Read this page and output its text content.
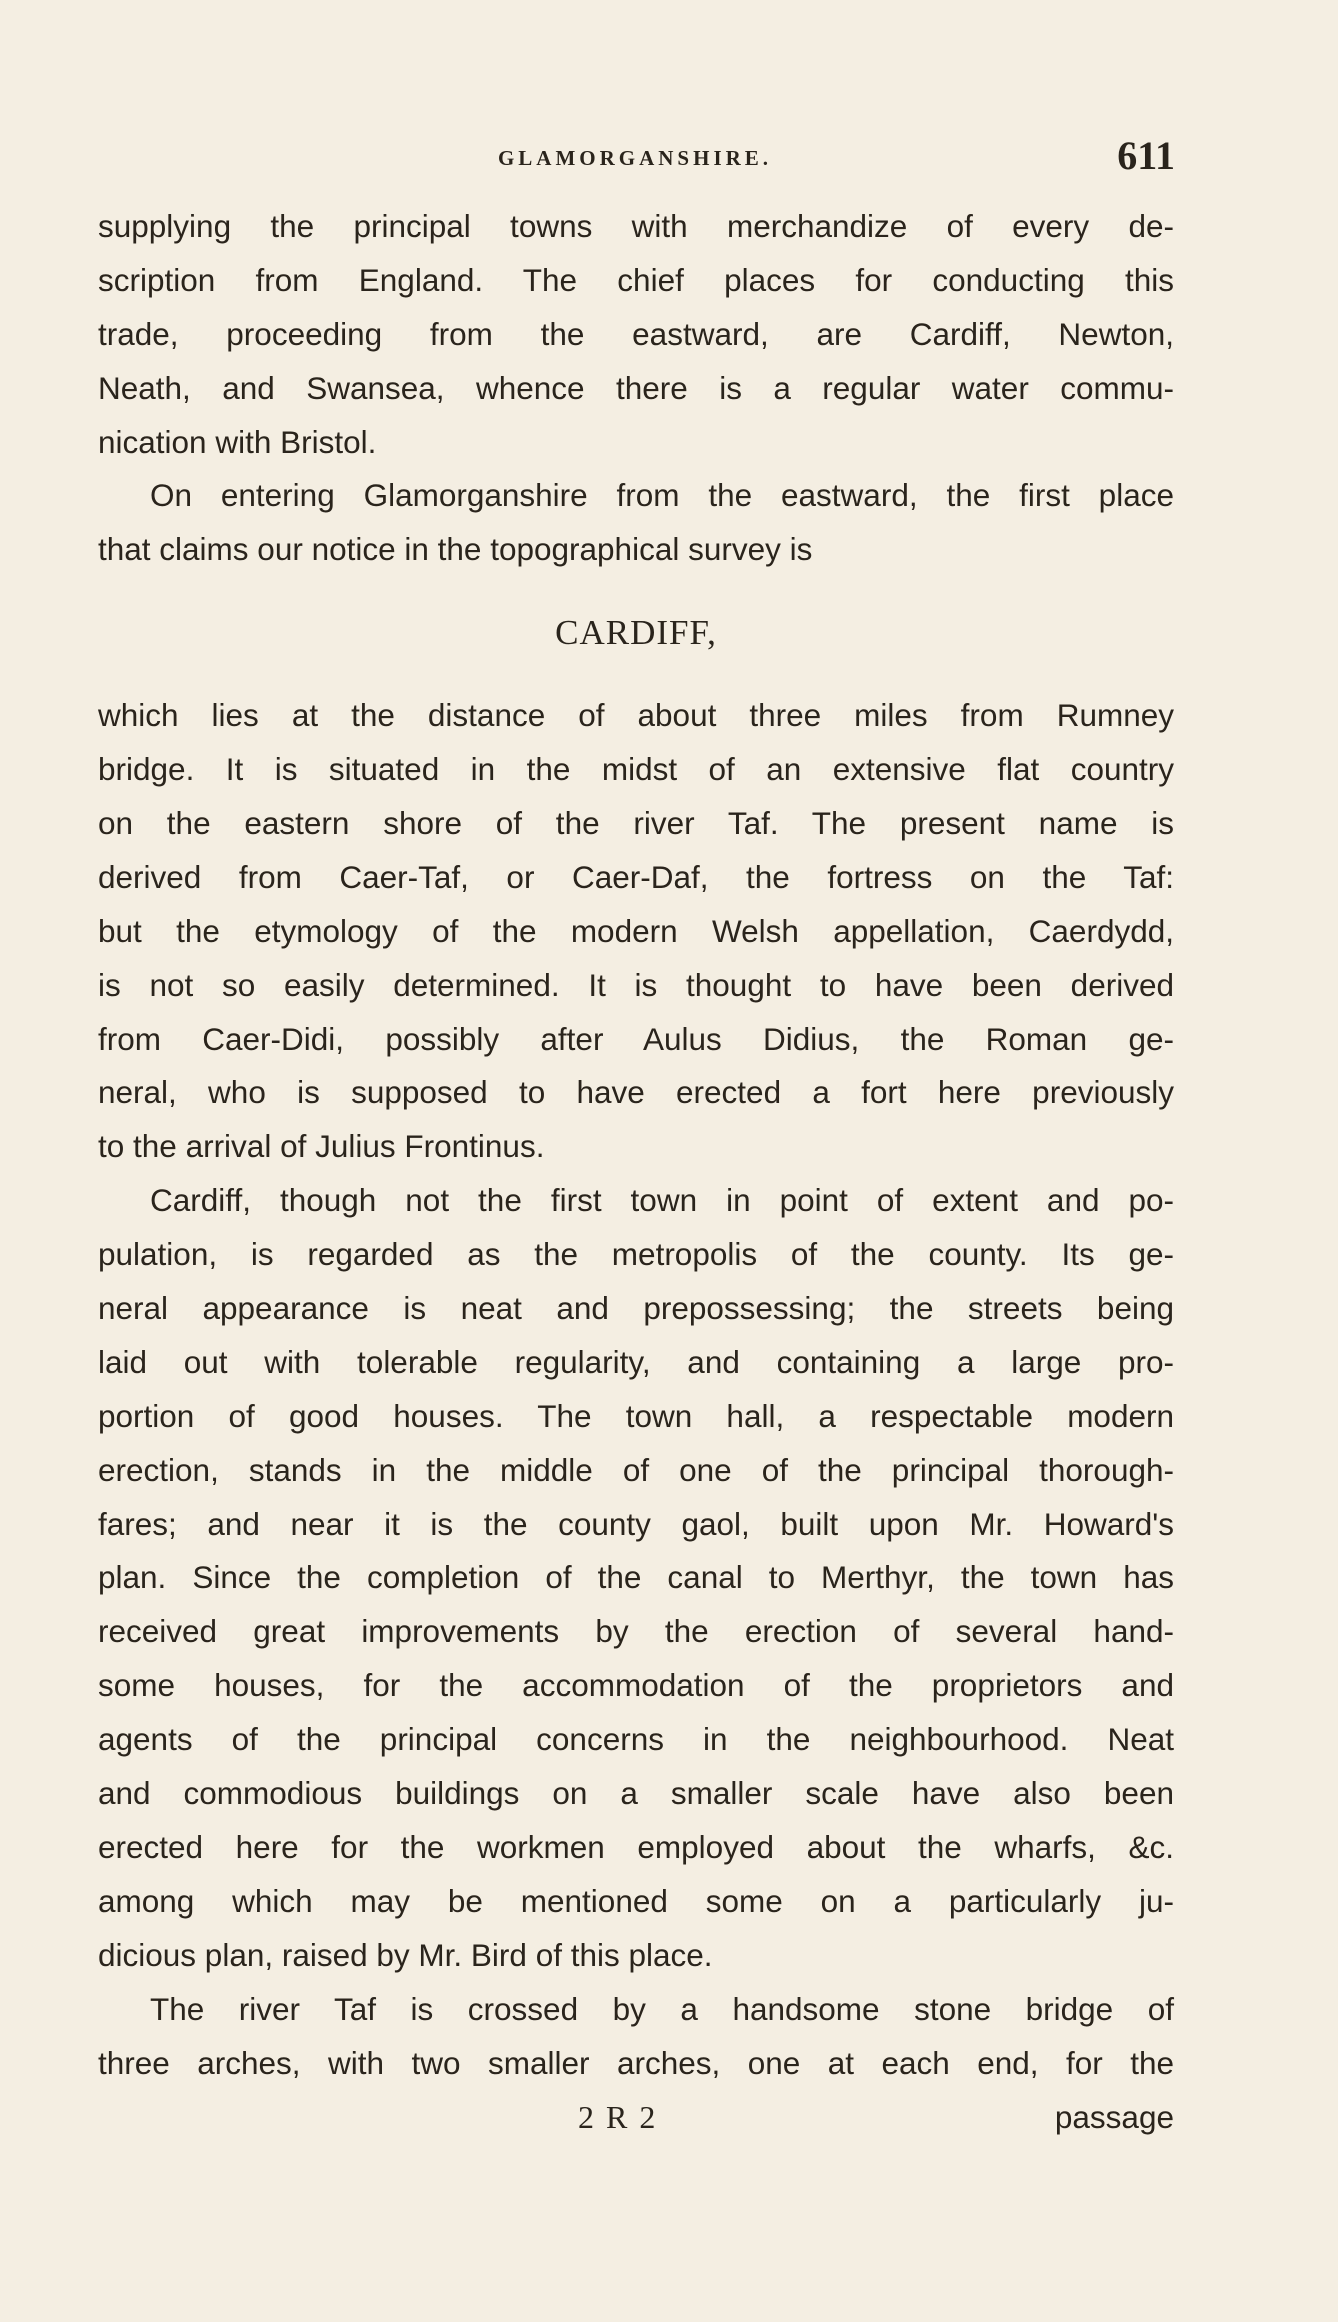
GLAMORGANSHIRE.	611
supplying the principal towns with merchandize of every de-
scription from England. The chief places for conducting this
trade, proceeding from the eastward, are Cardiff, Newton,
Neath, and Swansea, whence there is a regular water commu-
nication with Bristol.
On entering Glamorganshire from the eastward, the first place
that claims our notice in the topographical survey is
CARDIFF,
which lies at the distance of about three miles from Rumney
bridge. It is situated in the midst of an extensive flat country
on the eastern shore of the river Taf. The present name is
derived from Caer-Taf, or Caer-Daf, the fortress on the Taf:
but the etymology of the modern Welsh appellation, Caerdydd,
is not so easily determined. It is thought to have been derived
from Caer-Didi, possibly after Aulus Didius, the Roman ge-
neral, who is supposed to have erected a fort here previously
to the arrival of Julius Frontinus.
Cardiff, though not the first town in point of extent and po-
pulation, is regarded as the metropolis of the county. Its ge-
neral appearance is neat and prepossessing; the streets being
laid out with tolerable regularity, and containing a large pro-
portion of good houses. The town hall, a respectable modern
erection, stands in the middle of one of the principal thorough-
fares; and near it is the county gaol, built upon Mr. Howard's
plan. Since the completion of the canal to Merthyr, the town has
received great improvements by the erection of several hand-
some houses, for the accommodation of the proprietors and
agents of the principal concerns in the neighbourhood. Neat
and commodious buildings on a smaller scale have also been
erected here for the workmen employed about the wharfs, &c.
among which may be mentioned some on a particularly ju-
dicious plan, raised by Mr. Bird of this place.
The river Taf is crossed by a handsome stone bridge of
three arches, with two smaller arches, one at each end, for the
2 R 2	passage
